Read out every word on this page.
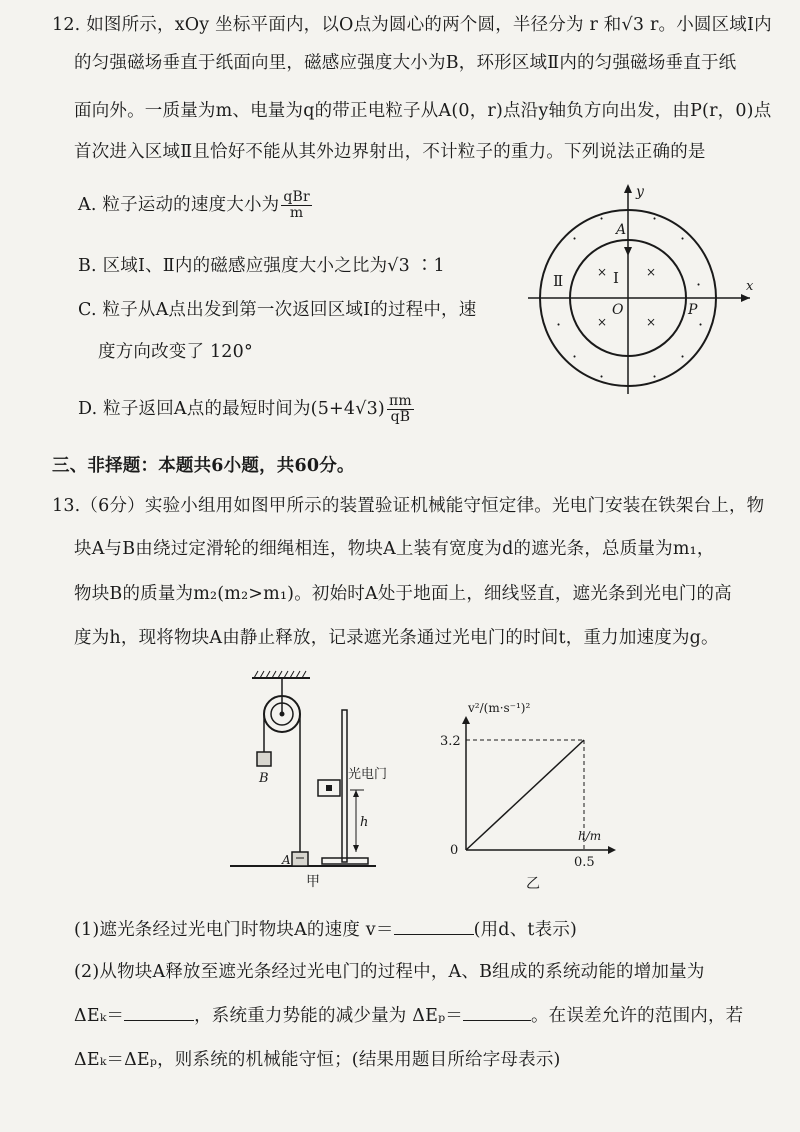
12. 如图所示，xOy 坐标平面内，以O点为圆心的两个圆，半径分为 r 和√3 r。小圆区域Ⅰ内
的匀强磁场垂直于纸面向里，磁感应强度大小为B，环形区域Ⅱ内的匀强磁场垂直于纸
面向外。一质量为m、电量为q的带正电粒子从A(0，r)点沿y轴负方向出发，由P(r，0)点
首次进入区域Ⅱ且恰好不能从其外边界射出，不计粒子的重力。下列说法正确的是
A. 粒子运动的速度大小为 $\frac{\text{qBr}}{m}$
B. 区域Ⅰ、Ⅱ内的磁感应强度大小之比为√3 ∶1
C. 粒子从A点出发到第一次返回区域Ⅰ的过程中，速
度方向改变了 120°
D. 粒子返回A点的最短时间为$(5+4√3) \frac{\pi m}{qB}$
y
x
A
Ⅰ
Ⅱ
O	P
×	×
×	×
·	·
·	·
·	·
·
·	·
·	·
三、非择题：本题共6小题，共60分。
13.（6分）实验小组用如图甲所示的装置验证机械能守恒定律。光电门安装在铁架台上，物
块A与B由绕过定滑轮的细绳相连，物块A上装有宽度为d的遮光条，总质量为m₁，
物块B的质量为m₂(m₂>m₁)。初始时A处于地面上，细线竖直，遮光条到光电门的高
度为h，现将物块A由静止释放，记录遮光条通过光电门的时间t，重力加速度为g。
B
A
光电门
h
甲
v²/(m·s⁻¹)²
h/m
0
乙
3.2
0.5
(1)遮光条经过光电门时物块A的速度 v＝	(用d、t表示)
(2)从物块A释放至遮光条经过光电门的过程中，A、B组成的系统动能的增加量为
ΔEₖ＝	，系统重力势能的减少量为 ΔEₚ＝	。在误差允许的范围内，若
ΔEₖ＝ΔEₚ，则系统的机械能守恒；(结果用题目所给字母表示)
